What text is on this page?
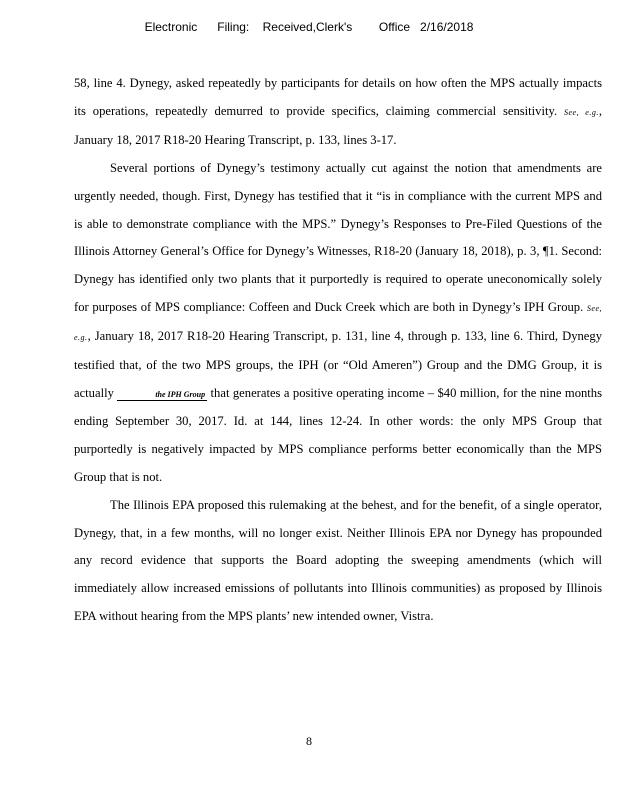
Electronic      Filing:    Received,Clerk's        Office   2/16/2018

58, line 4. Dynegy, asked repeatedly by participants for details on how often the MPS actually impacts its operations, repeatedly demurred to provide specifics, claiming commercial sensitivity. See, e.g., January 18, 2017 R18-20 Hearing Transcript, p. 133, lines 3-17.

Several portions of Dynegy’s testimony actually cut against the notion that amendments are urgently needed, though. First, Dynegy has testified that it “is in compliance with the current MPS and is able to demonstrate compliance with the MPS.” Dynegy’s Responses to Pre-Filed Questions of the Illinois Attorney General’s Office for Dynegy’s Witnesses, R18-20 (January 18, 2018), p. 3, ¶1. Second: Dynegy has identified only two plants that it purportedly is required to operate uneconomically solely for purposes of MPS compliance: Coffeen and Duck Creek which are both in Dynegy’s IPH Group. See, e.g., January 18, 2017 R18-20 Hearing Transcript, p. 131, line 4, through p. 133, line 6. Third, Dynegy testified that, of the two MPS groups, the IPH (or “Old Ameren”) Group and the DMG Group, it is actually	the IPH Group that generates a positive operating income – $40 million, for the nine months ending September 30, 2017. Id. at 144, lines 12-24. In other words: the only MPS Group that purportedly is negatively impacted by MPS compliance performs better economically than the MPS Group that is not.

The Illinois EPA proposed this rulemaking at the behest, and for the benefit, of a single operator, Dynegy, that, in a few months, will no longer exist. Neither Illinois EPA nor Dynegy has propounded any record evidence that supports the Board adopting the sweeping amendments (which will immediately allow increased emissions of pollutants into Illinois communities) as proposed by Illinois EPA without hearing from the MPS plants’ new intended owner, Vistra.

8
